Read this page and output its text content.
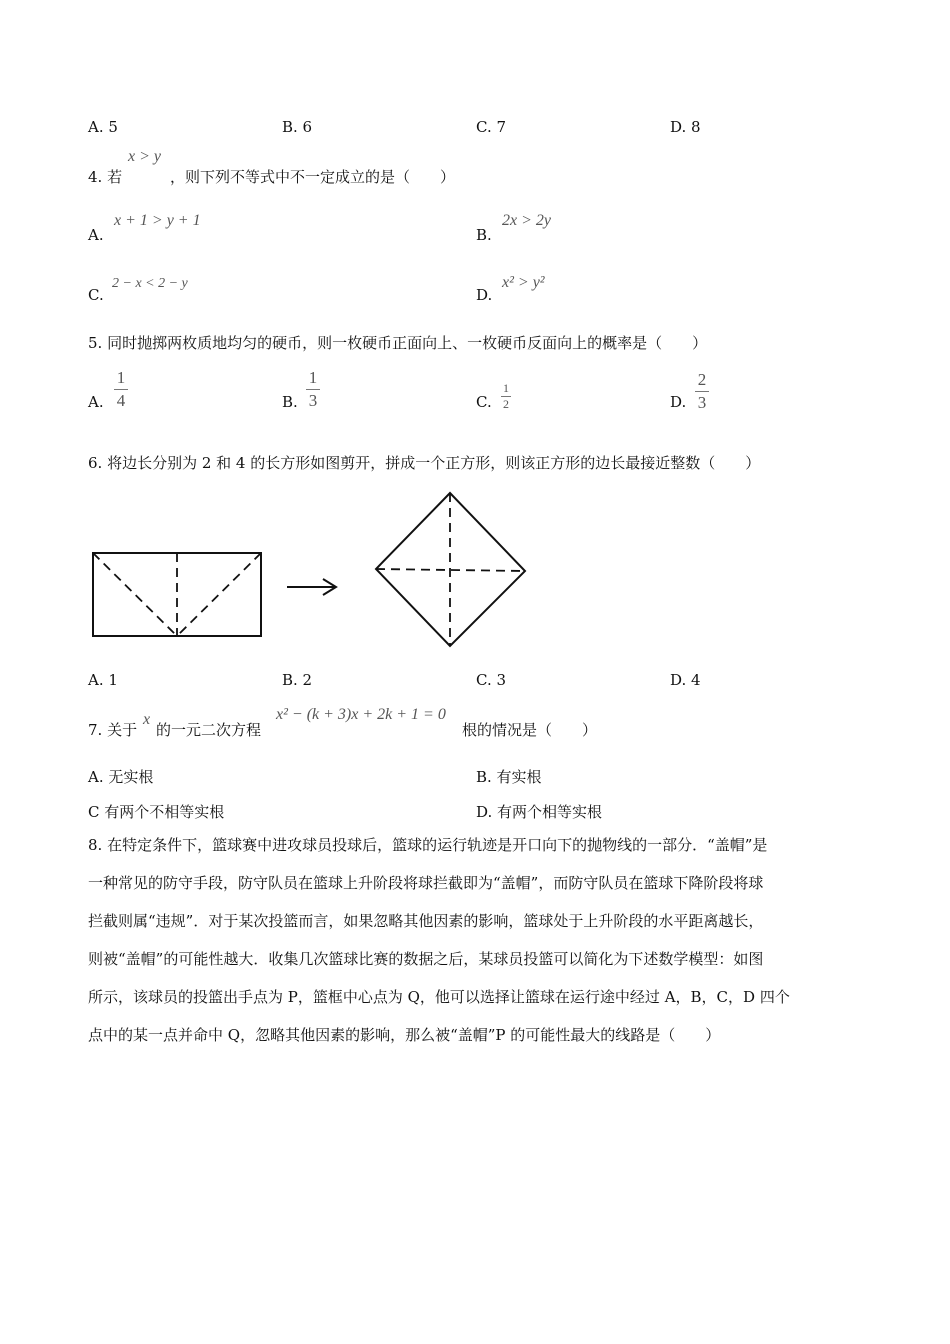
A. 5	B. 6	C. 7	D. 8
4. 若
x > y
，则下列不等式中不一定成立的是（　　）
A.
x + 1 > y + 1
B.
2x > 2y
C.
2 − x < 2 − y
D.
x² > y²
5. 同时抛掷两枚质地均匀的硬币，则一枚硬币正面向上、一枚硬币反面向上的概率是（　　）
A.
1
4	B.
1
3	C.
1
2	D.
2
3
6. 将边长分别为 2 和 4 的长方形如图剪开，拼成一个正方形，则该正方形的边长最接近整数（　　）
A. 1	B. 2	C. 3	D. 4
7. 关于
x
的一元二次方程
x² − (k + 3)x + 2k + 1 = 0
根的情况是（　　）
A. 无实根	B. 有实根
C 有两个不相等实根	D. 有两个相等实根
8. 在特定条件下，篮球赛中进攻球员投球后，篮球的运行轨迹是开口向下的抛物线的一部分．“盖帽”是
一种常见的防守手段，防守队员在篮球上升阶段将球拦截即为“盖帽”，而防守队员在篮球下降阶段将球
拦截则属“违规”．对于某次投篮而言，如果忽略其他因素的影响，篮球处于上升阶段的水平距离越长，
则被“盖帽”的可能性越大．收集几次篮球比赛的数据之后，某球员投篮可以简化为下述数学模型：如图
所示，该球员的投篮出手点为 P，篮框中心点为 Q，他可以选择让篮球在运行途中经过 A，B，C，D 四个
点中的某一点并命中 Q，忽略其他因素的影响，那么被“盖帽”P 的可能性最大的线路是（　　）
